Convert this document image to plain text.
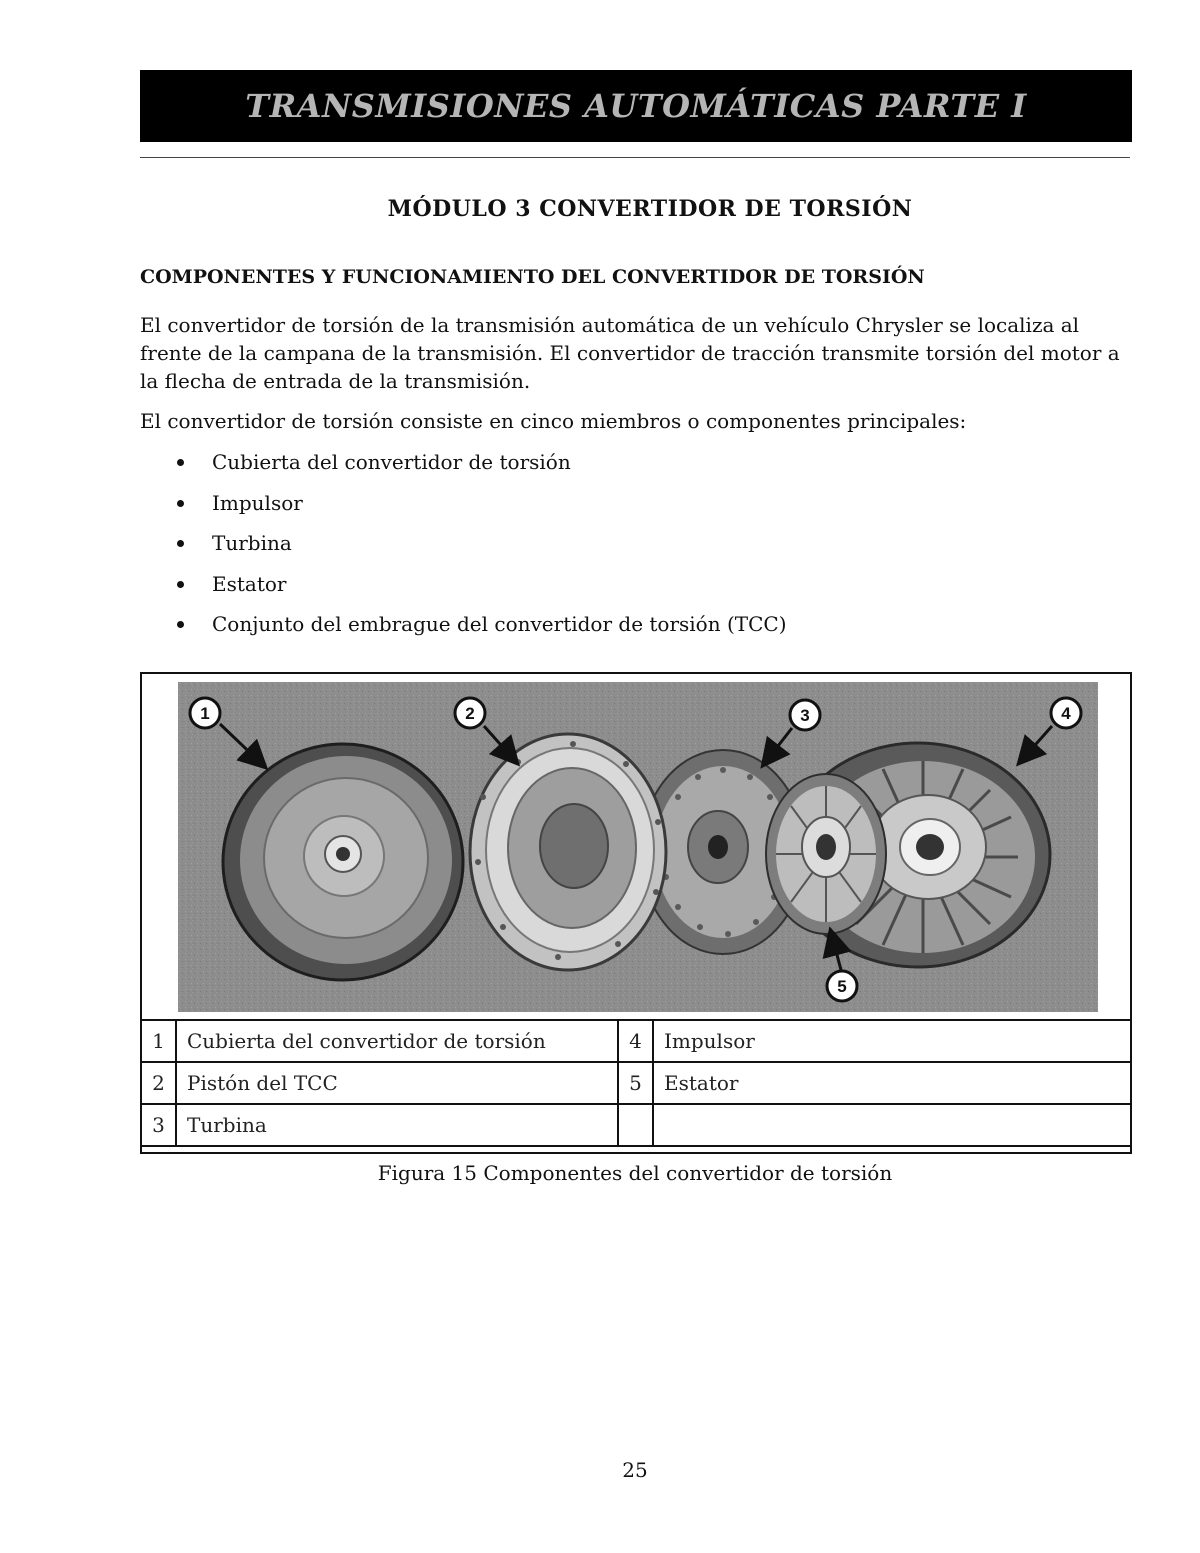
TRANSMISIONES AUTOMÁTICAS PARTE I
MÓDULO 3 CONVERTIDOR DE TORSIÓN
COMPONENTES Y FUNCIONAMIENTO DEL CONVERTIDOR DE TORSIÓN

El convertidor de torsión de la transmisión automática de un vehículo Chrysler se localiza al frente de la campana de la transmisión. El convertidor de tracción transmite torsión del motor a la flecha de entrada de la transmisión.

El convertidor de torsión consiste en cinco miembros o componentes principales:

Cubierta del convertidor de torsión
Impulsor
Turbina
Estator
Conjunto del embrague del convertidor de torsión (TCC)
1	2	3	4
5
1	Cubierta del convertidor de torsión	4	Impulsor
2	Pistón del TCC	5	Estator
3	Turbina		
Figura 15 Componentes del convertidor de torsión
25
